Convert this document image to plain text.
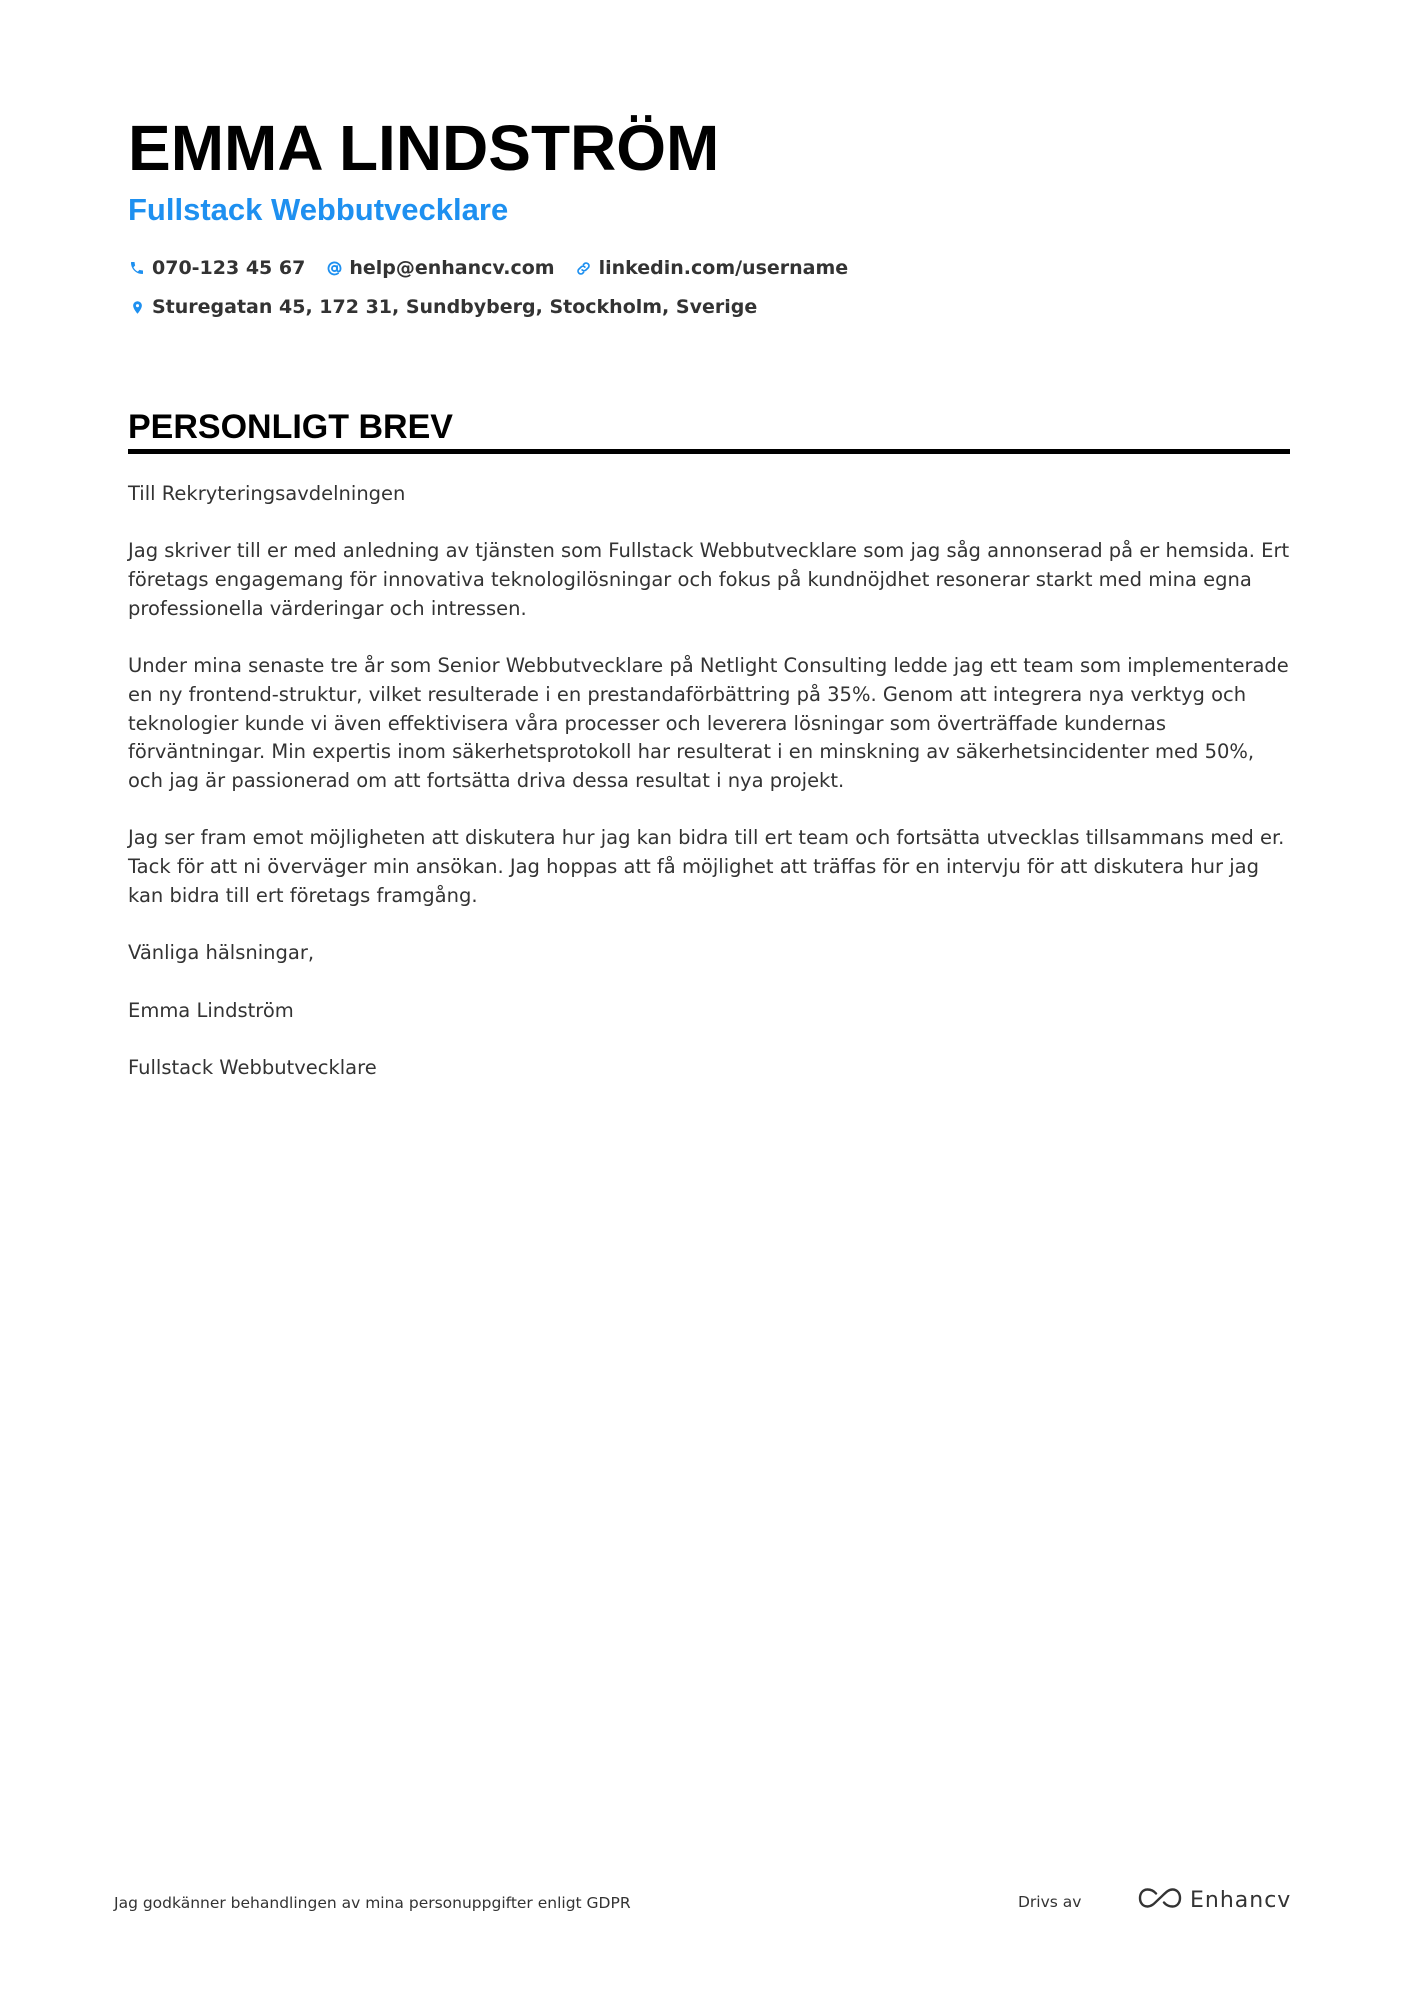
EMMA LINDSTRÖM
Fullstack Webbutvecklare
070-123 45 67 help@enhancv.com linkedin.com/username
Sturegatan 45, 172 31, Sundbyberg, Stockholm, Sverige
PERSONLIGT BREV

Till Rekryteringsavdelningen

Jag skriver till er med anledning av tjänsten som Fullstack Webbutvecklare som jag såg annonserad på er hemsida. Ert företags engagemang för innovativa teknologilösningar och fokus på kundnöjdhet resonerar starkt med mina egna professionella värderingar och intressen.

Under mina senaste tre år som Senior Webbutvecklare på Netlight Consulting ledde jag ett team som implementerade en ny frontend-struktur, vilket resulterade i en prestandaförbättring på 35%. Genom att integrera nya verktyg och teknologier kunde vi även effektivisera våra processer och leverera lösningar som överträffade kundernas förväntningar. Min expertis inom säkerhetsprotokoll har resulterat i en minskning av säkerhetsincidenter med 50%, och jag är passionerad om att fortsätta driva dessa resultat i nya projekt.

Jag ser fram emot möjligheten att diskutera hur jag kan bidra till ert team och fortsätta utvecklas tillsammans med er. Tack för att ni överväger min ansökan. Jag hoppas att få möjlighet att träffas för en intervju för att diskutera hur jag kan bidra till ert företags framgång.

Vänliga hälsningar,

Emma Lindström

Fullstack Webbutvecklare

Jag godkänner behandlingen av mina personuppgifter enligt GDPR	Drivs av	Enhancv
